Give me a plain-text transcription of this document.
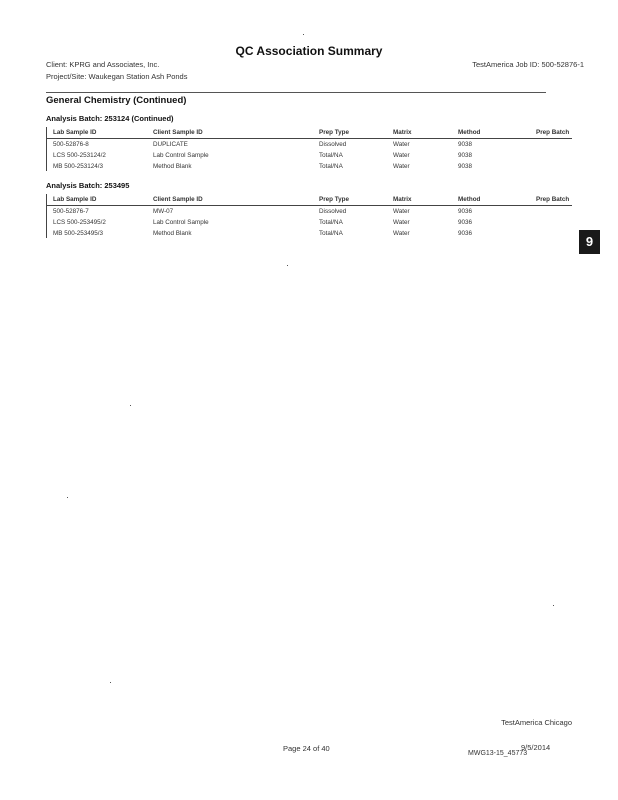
QC Association Summary
Client: KPRG and Associates, Inc.	TestAmerica Job ID: 500-52876-1
Project/Site: Waukegan Station Ash Ponds
General Chemistry (Continued)
Analysis Batch: 253124 (Continued)
Lab Sample ID	Client Sample ID	Prep Type	Matrix	Method	Prep Batch
500-52876-8	DUPLICATE	Dissolved	Water	9038
LCS 500-253124/2	Lab Control Sample	Total/NA	Water	9038
MB 500-253124/3	Method Blank	Total/NA	Water	9038
Analysis Batch: 253495
Lab Sample ID	Client Sample ID	Prep Type	Matrix	Method	Prep Batch
500-52876-7	MW-07	Dissolved	Water	9036
LCS 500-253495/2	Lab Control Sample	Total/NA	Water	9036
MB 500-253495/3	Method Blank	Total/NA	Water	9036
9
TestAmerica Chicago
Page 24 of 40	9/5/2014
MWG13-15_45773
